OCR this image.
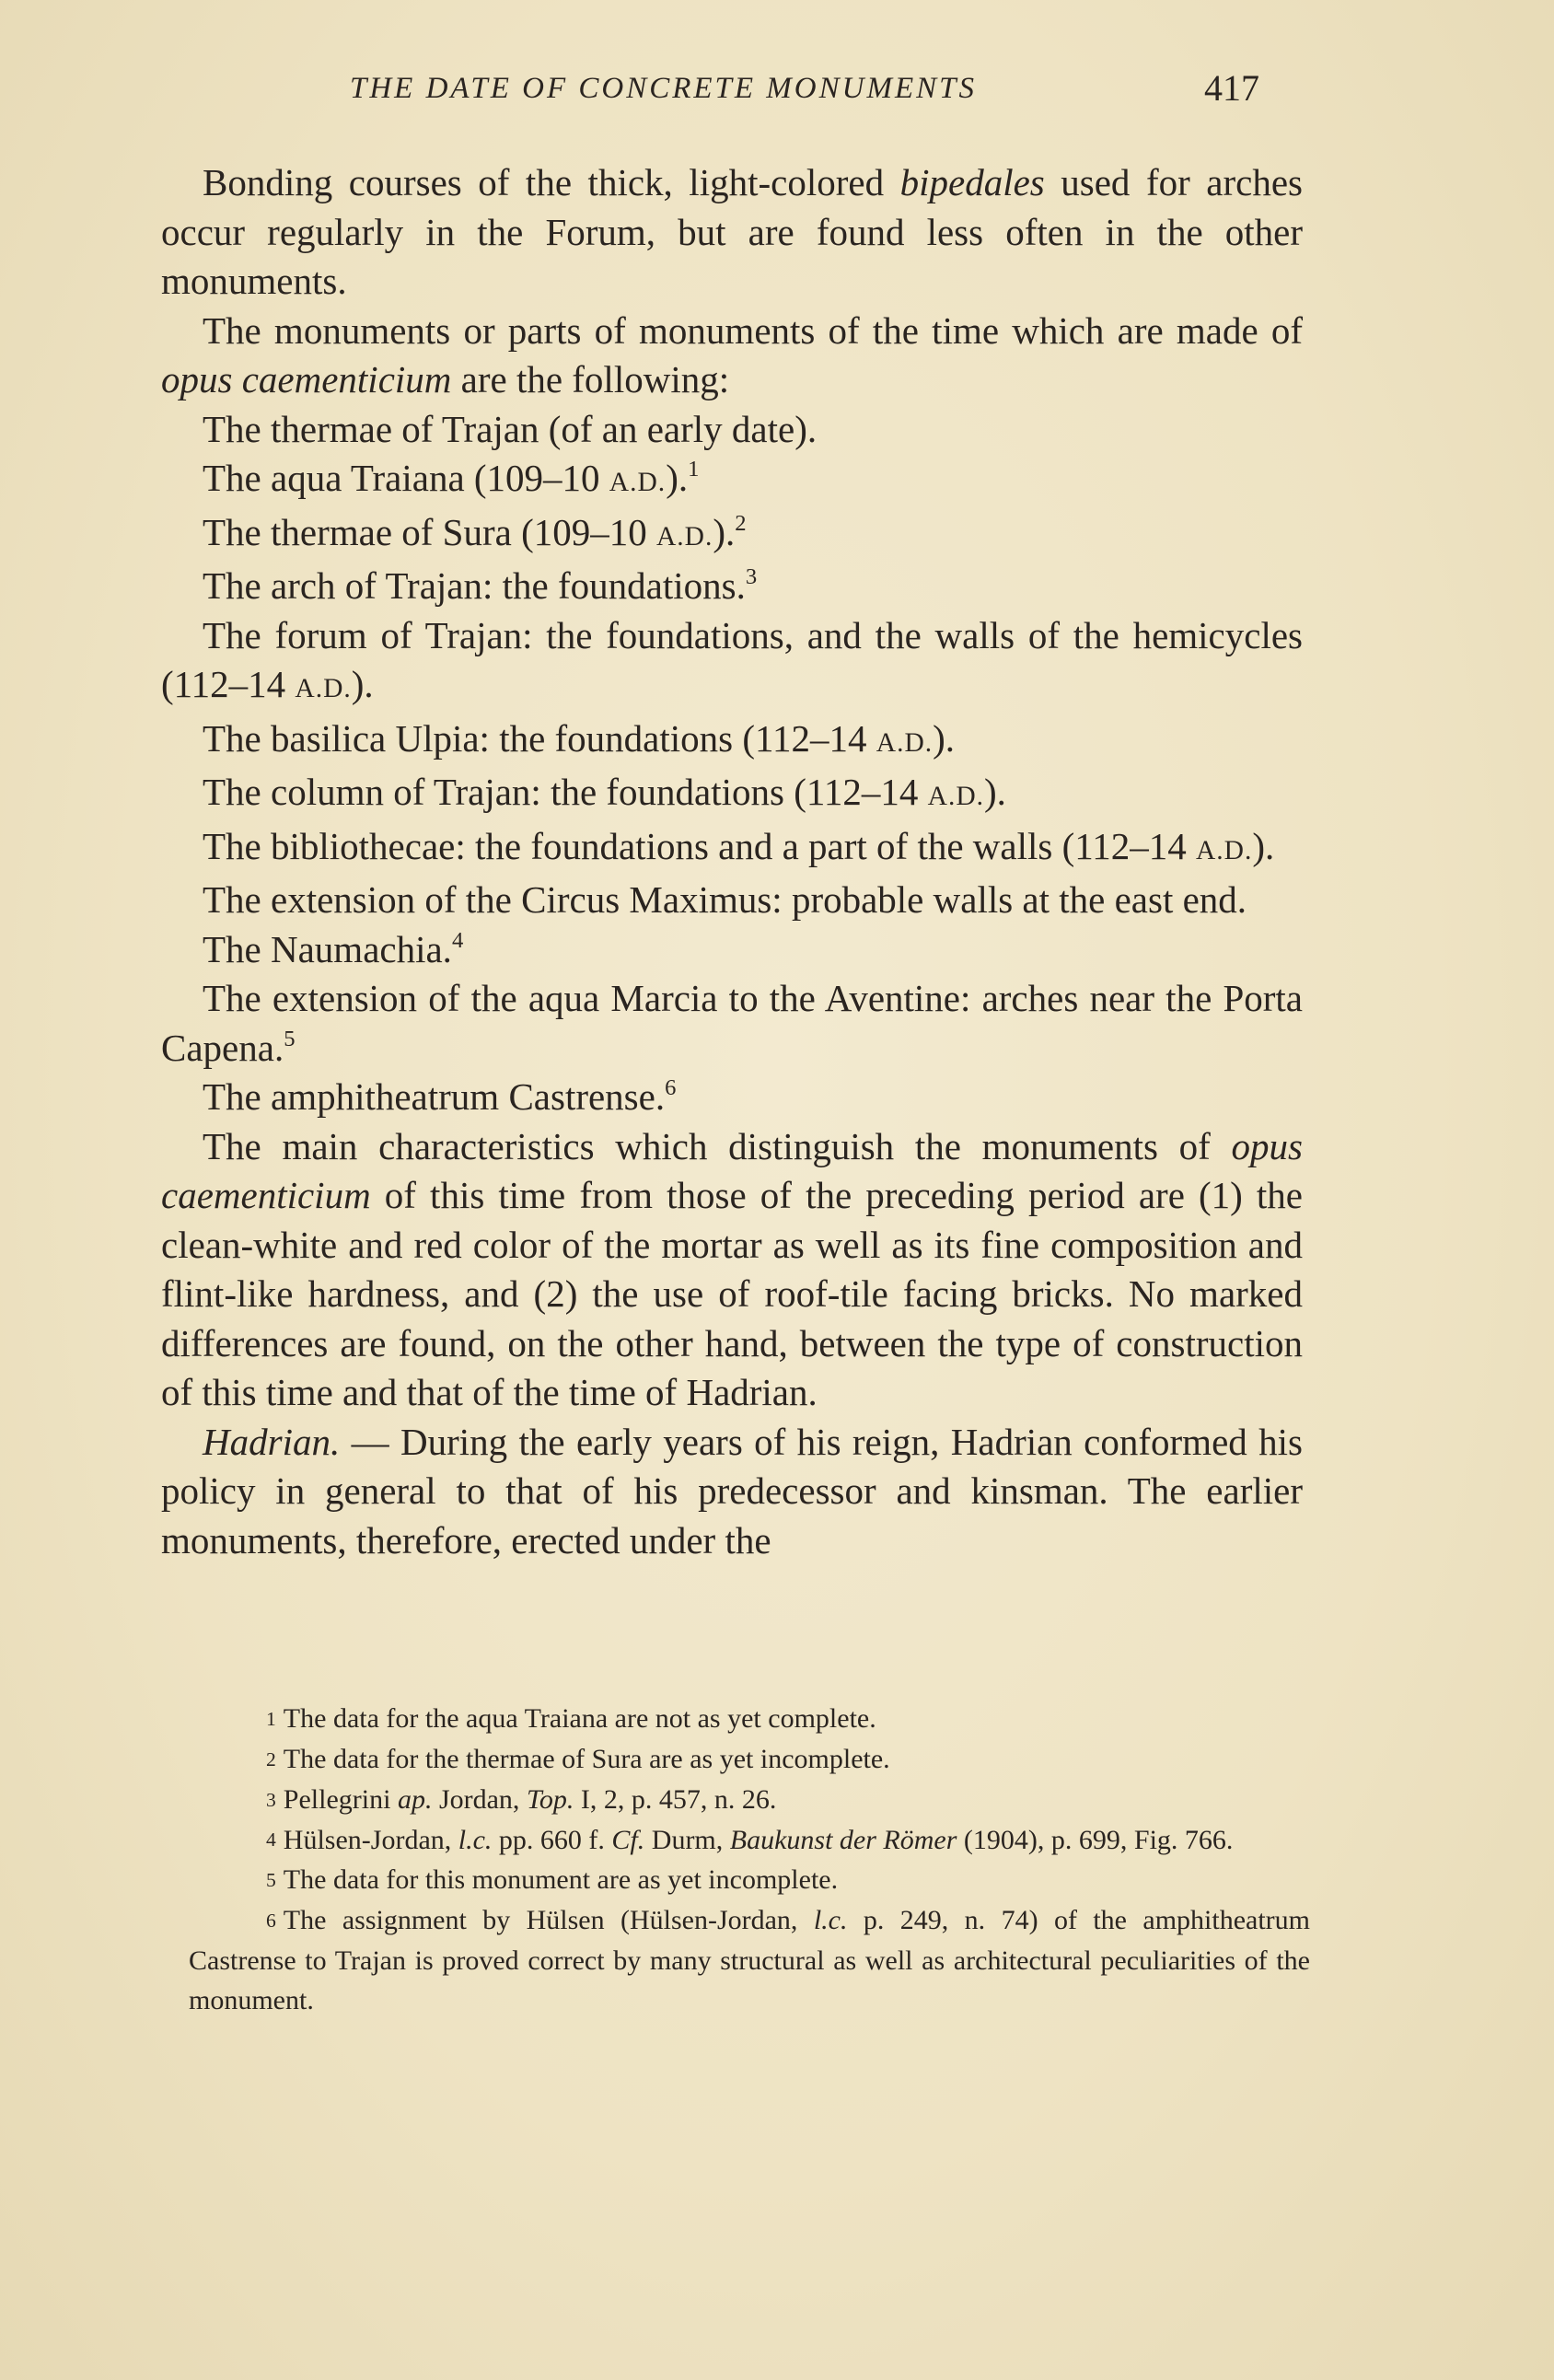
THE DATE OF CONCRETE MONUMENTS	417

Bonding courses of the thick, light-colored bipedales used for arches occur regularly in the Forum, but are found less often in the other monuments.

The monuments or parts of monuments of the time which are made of opus caementicium are the following:

The thermae of Trajan (of an early date).

The aqua Traiana (109–10 A.D.).$^1$

The thermae of Sura (109–10 A.D.).$^2$

The arch of Trajan: the foundations.$^3$

The forum of Trajan: the foundations, and the walls of the hemicycles (112–14 A.D.).

The basilica Ulpia: the foundations (112–14 A.D.).

The column of Trajan: the foundations (112–14 A.D.).

The bibliothecae: the foundations and a part of the walls (112–14 A.D.).

The extension of the Circus Maximus: probable walls at the east end.

The Naumachia.$^4$

The extension of the aqua Marcia to the Aventine: arches near the Porta Capena.$^5$

The amphitheatrum Castrense.$^6$

The main characteristics which distinguish the monuments of opus caementicium of this time from those of the preceding period are (1) the clean-white and red color of the mortar as well as its fine composition and flint-like hardness, and (2) the use of roof-tile facing bricks. No marked differences are found, on the other hand, between the type of construction of this time and that of the time of Hadrian.

Hadrian. — During the early years of his reign, Hadrian conformed his policy in general to that of his predecessor and kinsman. The earlier monuments, therefore, erected under the

1 The data for the aqua Traiana are not as yet complete.

2 The data for the thermae of Sura are as yet incomplete.

3 Pellegrini ap. Jordan, Top. I, 2, p. 457, n. 26.

4 Hülsen-Jordan, l.c. pp. 660 f. Cf. Durm, Baukunst der Römer (1904), p. 699, Fig. 766.

5 The data for this monument are as yet incomplete.

6 The assignment by Hülsen (Hülsen-Jordan, l.c. p. 249, n. 74) of the amphitheatrum Castrense to Trajan is proved correct by many structural as well as architectural peculiarities of the monument.
